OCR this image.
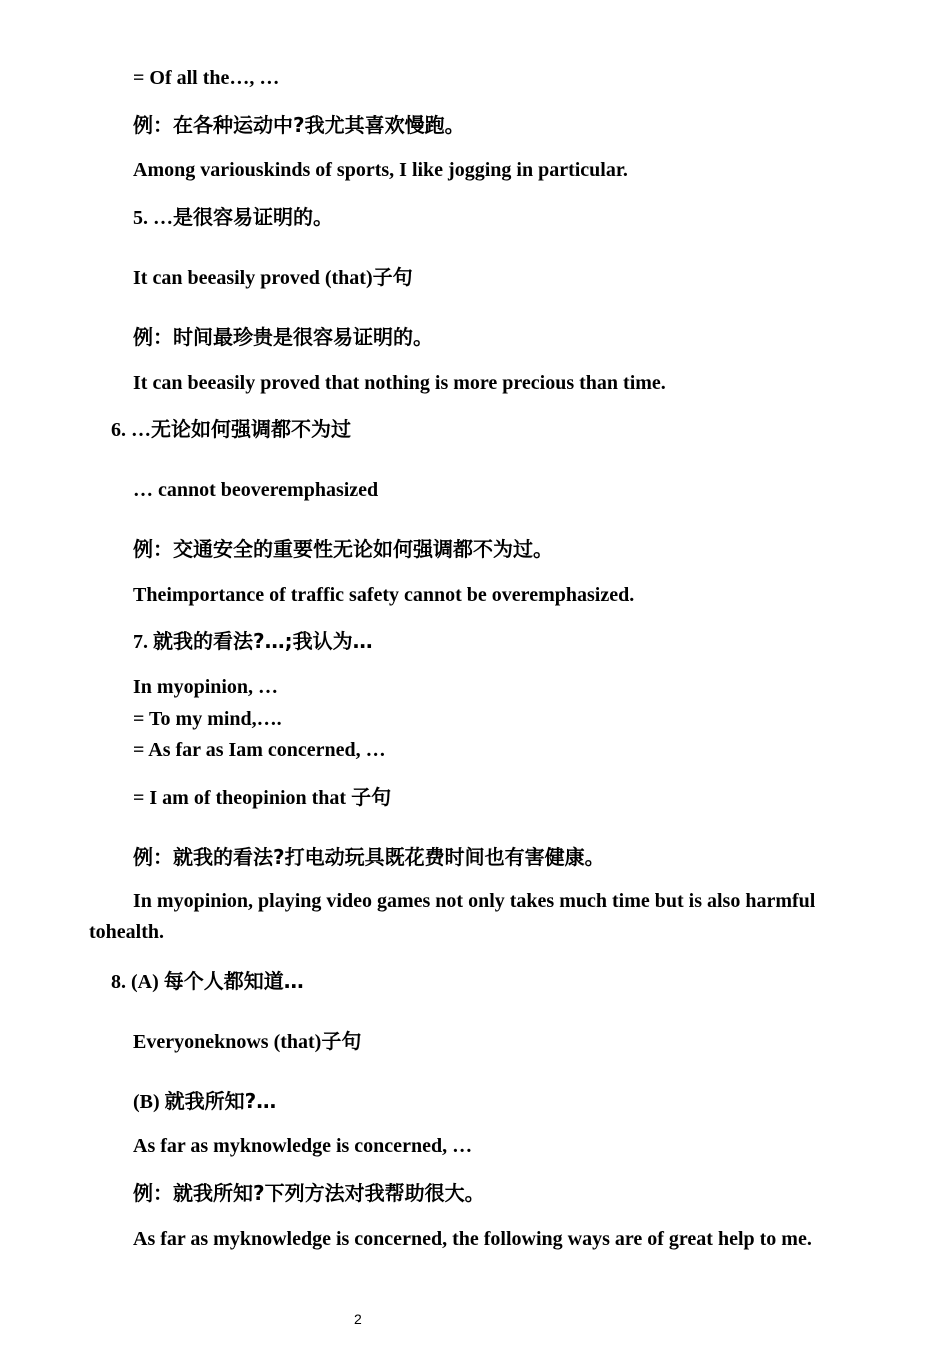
= Of all the…, …
例：在各种运动中?我尤其喜欢慢跑。
Among variouskinds of sports, I like jogging in particular.
5. …是很容易证明的。
It can beeasily proved (that)子句
例：时间最珍贵是很容易证明的。
It can beeasily proved that nothing is more precious than time.
6. …无论如何强调都不为过
… cannot beoveremphasized
例：交通安全的重要性无论如何强调都不为过。
Theimportance of traffic safety cannot be overemphasized.
7. 就我的看法?…;我认为…
In myopinion, …
= To my mind,….
= As far as Iam concerned, …
= I am of theopinion that 子句
例：就我的看法?打电动玩具既花费时间也有害健康。
In myopinion, playing video games not only takes much time but is also harmful tohealth.
8. (A) 每个人都知道…
Everyoneknows (that)子句
(B) 就我所知?…
As far as myknowledge is concerned, …
例：就我所知?下列方法对我帮助很大。
As far as myknowledge is concerned, the following ways are of great help to me.
2
